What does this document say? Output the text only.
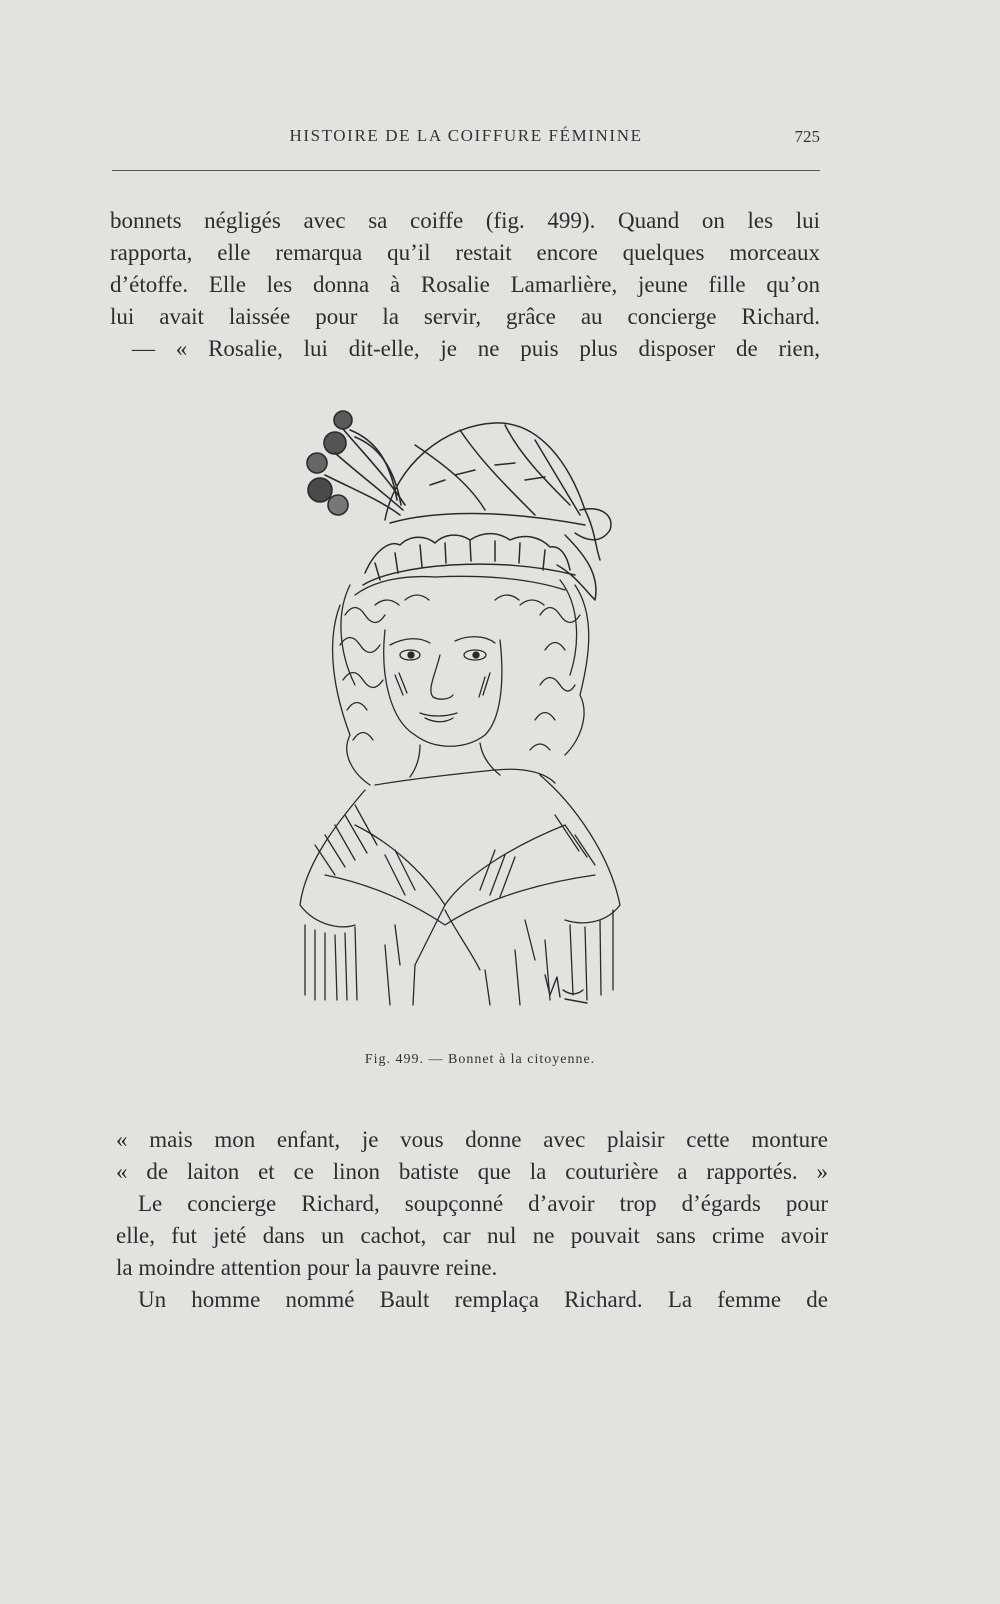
HISTOIRE DE LA COIFFURE FÉMININE	725
bonnets négligés avec sa coiffe (fig. 499). Quand on les lui
rapporta, elle remarqua qu’il restait encore quelques morceaux
d’étoffe. Elle les donna à Rosalie Lamarlière, jeune fille qu’on
lui avait laissée pour la servir, grâce au concierge Richard.
— « Rosalie, lui dit-elle, je ne puis plus disposer de rien,
Fig. 499. — Bonnet à la citoyenne.
« mais mon enfant, je vous donne avec plaisir cette monture
« de laiton et ce linon batiste que la couturière a rapportés. »
Le concierge Richard, soupçonné d’avoir trop d’égards pour
elle, fut jeté dans un cachot, car nul ne pouvait sans crime avoir
la moindre attention pour la pauvre reine.
Un homme nommé Bault remplaça Richard. La femme de
